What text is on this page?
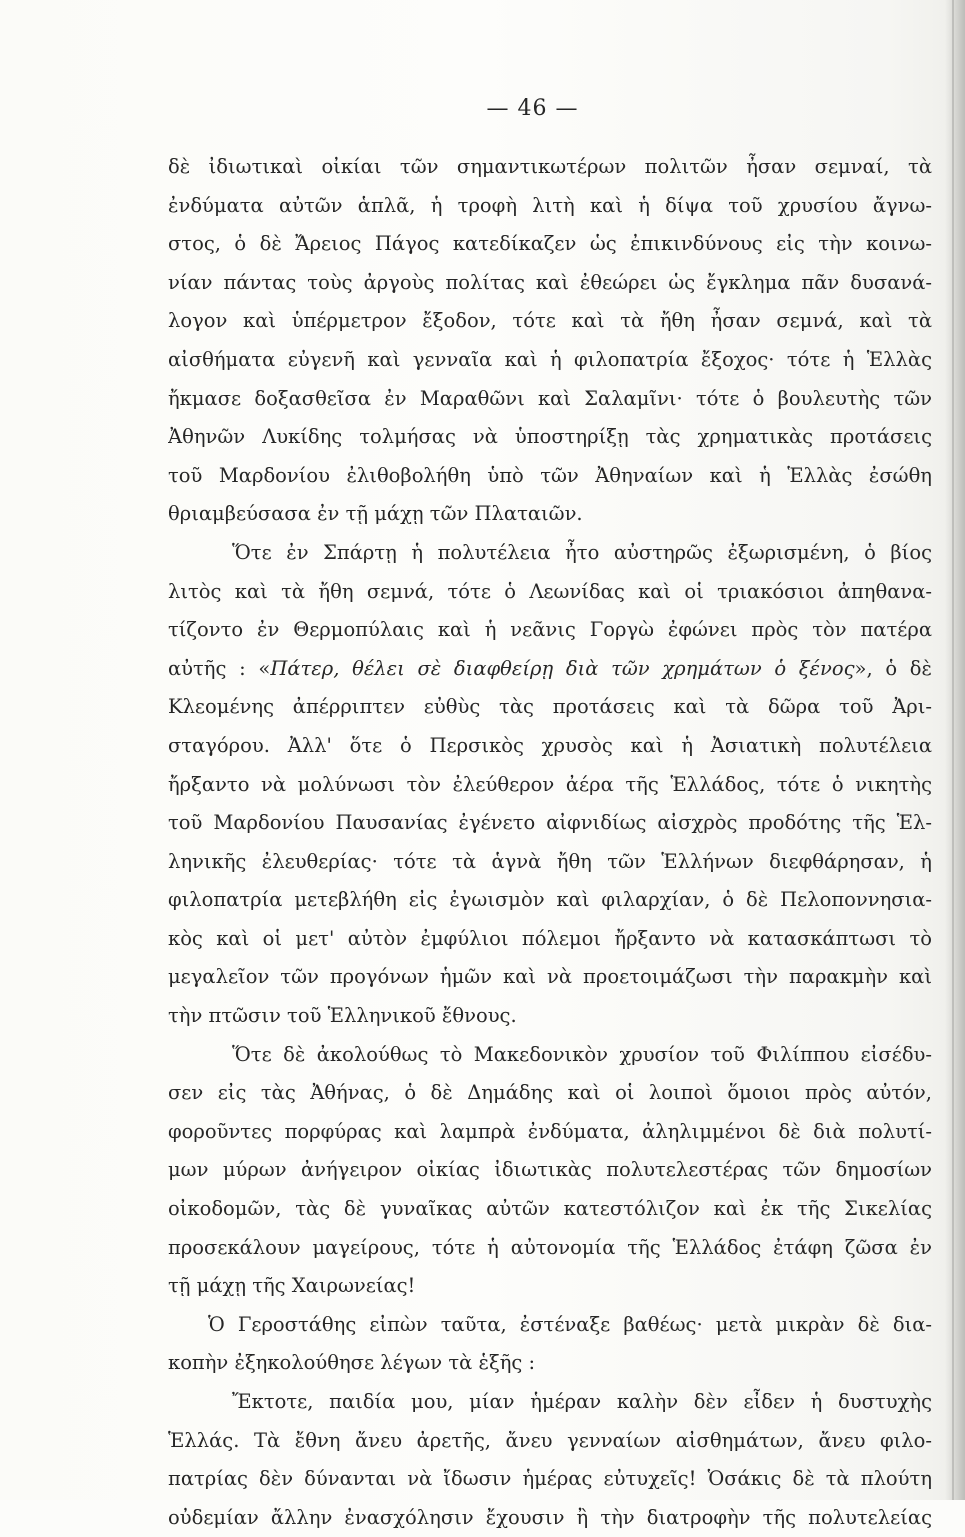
— 46 —
δὲ ἰδιωτικαὶ οἰκίαι τῶν σημαντικωτέρων πολιτῶν ἦσαν σεμναί, τὰ
ἐνδύματα αὐτῶν ἁπλᾶ, ἡ τροφὴ λιτὴ καὶ ἡ δίψα τοῦ χρυσίου ἄγνω-
στος, ὁ δὲ Ἄρειος Πάγος κατεδίκαζεν ὡς ἐπικινδύνους εἰς τὴν κοινω-
νίαν πάντας τοὺς ἀργοὺς πολίτας καὶ ἐθεώρει ὡς ἔγκλημα πᾶν δυσανά-
λογον καὶ ὑπέρμετρον ἔξοδον, τότε καὶ τὰ ἤθη ἦσαν σεμνά, καὶ τὰ
αἰσθήματα εὐγενῆ καὶ γενναῖα καὶ ἡ φιλοπατρία ἔξοχος· τότε ἡ Ἑλλὰς
ἤκμασε δοξασθεῖσα ἐν Μαραθῶνι καὶ Σαλαμῖνι· τότε ὁ βουλευτὴς τῶν
Ἀθηνῶν Λυκίδης τολμήσας νὰ ὑποστηρίξῃ τὰς χρηματικὰς προτάσεις
τοῦ Μαρδονίου ἐλιθοβολήθη ὑπὸ τῶν Ἀθηναίων καὶ ἡ Ἑλλὰς ἐσώθη
θριαμβεύσασα ἐν τῇ μάχῃ τῶν Πλαταιῶν.
Ὅτε ἐν Σπάρτῃ ἡ πολυτέλεια ἦτο αὐστηρῶς ἐξωρισμένη, ὁ βίος
λιτὸς καὶ τὰ ἤθη σεμνά, τότε ὁ Λεωνίδας καὶ οἱ τριακόσιοι ἀπηθανα-
τίζοντο ἐν Θερμοπύλαις καὶ ἡ νεᾶνις Γοργὼ ἐφώνει πρὸς τὸν πατέρα
αὐτῆς : «Πάτερ, θέλει σὲ διαφθείρῃ διὰ τῶν χρημάτων ὁ ξένος», ὁ δὲ
Κλεομένης ἀπέρριπτεν εὐθὺς τὰς προτάσεις καὶ τὰ δῶρα τοῦ Ἀρι-
σταγόρου. Ἀλλ' ὅτε ὁ Περσικὸς χρυσὸς καὶ ἡ Ἀσιατικὴ πολυτέλεια
ἤρξαντο νὰ μολύνωσι τὸν ἐλεύθερον ἀέρα τῆς Ἑλλάδος, τότε ὁ νικητὴς
τοῦ Μαρδονίου Παυσανίας ἐγένετο αἰφνιδίως αἰσχρὸς προδότης τῆς Ἑλ-
ληνικῆς ἐλευθερίας· τότε τὰ ἁγνὰ ἤθη τῶν Ἑλλήνων διεφθάρησαν, ἡ
φιλοπατρία μετεβλήθη εἰς ἐγωισμὸν καὶ φιλαρχίαν, ὁ δὲ Πελοποννησια-
κὸς καὶ οἱ μετ' αὐτὸν ἐμφύλιοι πόλεμοι ἤρξαντο νὰ κατασκάπτωσι τὸ
μεγαλεῖον τῶν προγόνων ἡμῶν καὶ νὰ προετοιμάζωσι τὴν παρακμὴν καὶ
τὴν πτῶσιν τοῦ Ἑλληνικοῦ ἔθνους.
Ὅτε δὲ ἀκολούθως τὸ Μακεδονικὸν χρυσίον τοῦ Φιλίππου εἰσέδυ-
σεν εἰς τὰς Ἀθήνας, ὁ δὲ Δημάδης καὶ οἱ λοιποὶ ὅμοιοι πρὸς αὐτόν,
φοροῦντες πορφύρας καὶ λαμπρὰ ἐνδύματα, ἀληλιμμένοι δὲ διὰ πολυτί-
μων μύρων ἀνήγειρον οἰκίας ἰδιωτικὰς πολυτελεστέρας τῶν δημοσίων
οἰκοδομῶν, τὰς δὲ γυναῖκας αὐτῶν κατεστόλιζον καὶ ἐκ τῆς Σικελίας
προσεκάλουν μαγείρους, τότε ἡ αὐτονομία τῆς Ἑλλάδος ἐτάφη ζῶσα ἐν
τῇ μάχῃ τῆς Χαιρωνείας!
Ὁ Γεροστάθης εἰπὼν ταῦτα, ἐστέναξε βαθέως· μετὰ μικρὰν δὲ δια-
κοπὴν ἐξηκολούθησε λέγων τὰ ἑξῆς :
Ἔκτοτε, παιδία μου, μίαν ἡμέραν καλὴν δὲν εἶδεν ἡ δυστυχὴς
Ἑλλάς. Τὰ ἔθνη ἄνευ ἀρετῆς, ἄνευ γενναίων αἰσθημάτων, ἄνευ φιλο-
πατρίας δὲν δύνανται νὰ ἴδωσιν ἡμέρας εὐτυχεῖς! Ὁσάκις δὲ τὰ πλούτη
οὐδεμίαν ἄλλην ἐνασχόλησιν ἔχουσιν ἢ τὴν διατροφὴν τῆς πολυτελείας
